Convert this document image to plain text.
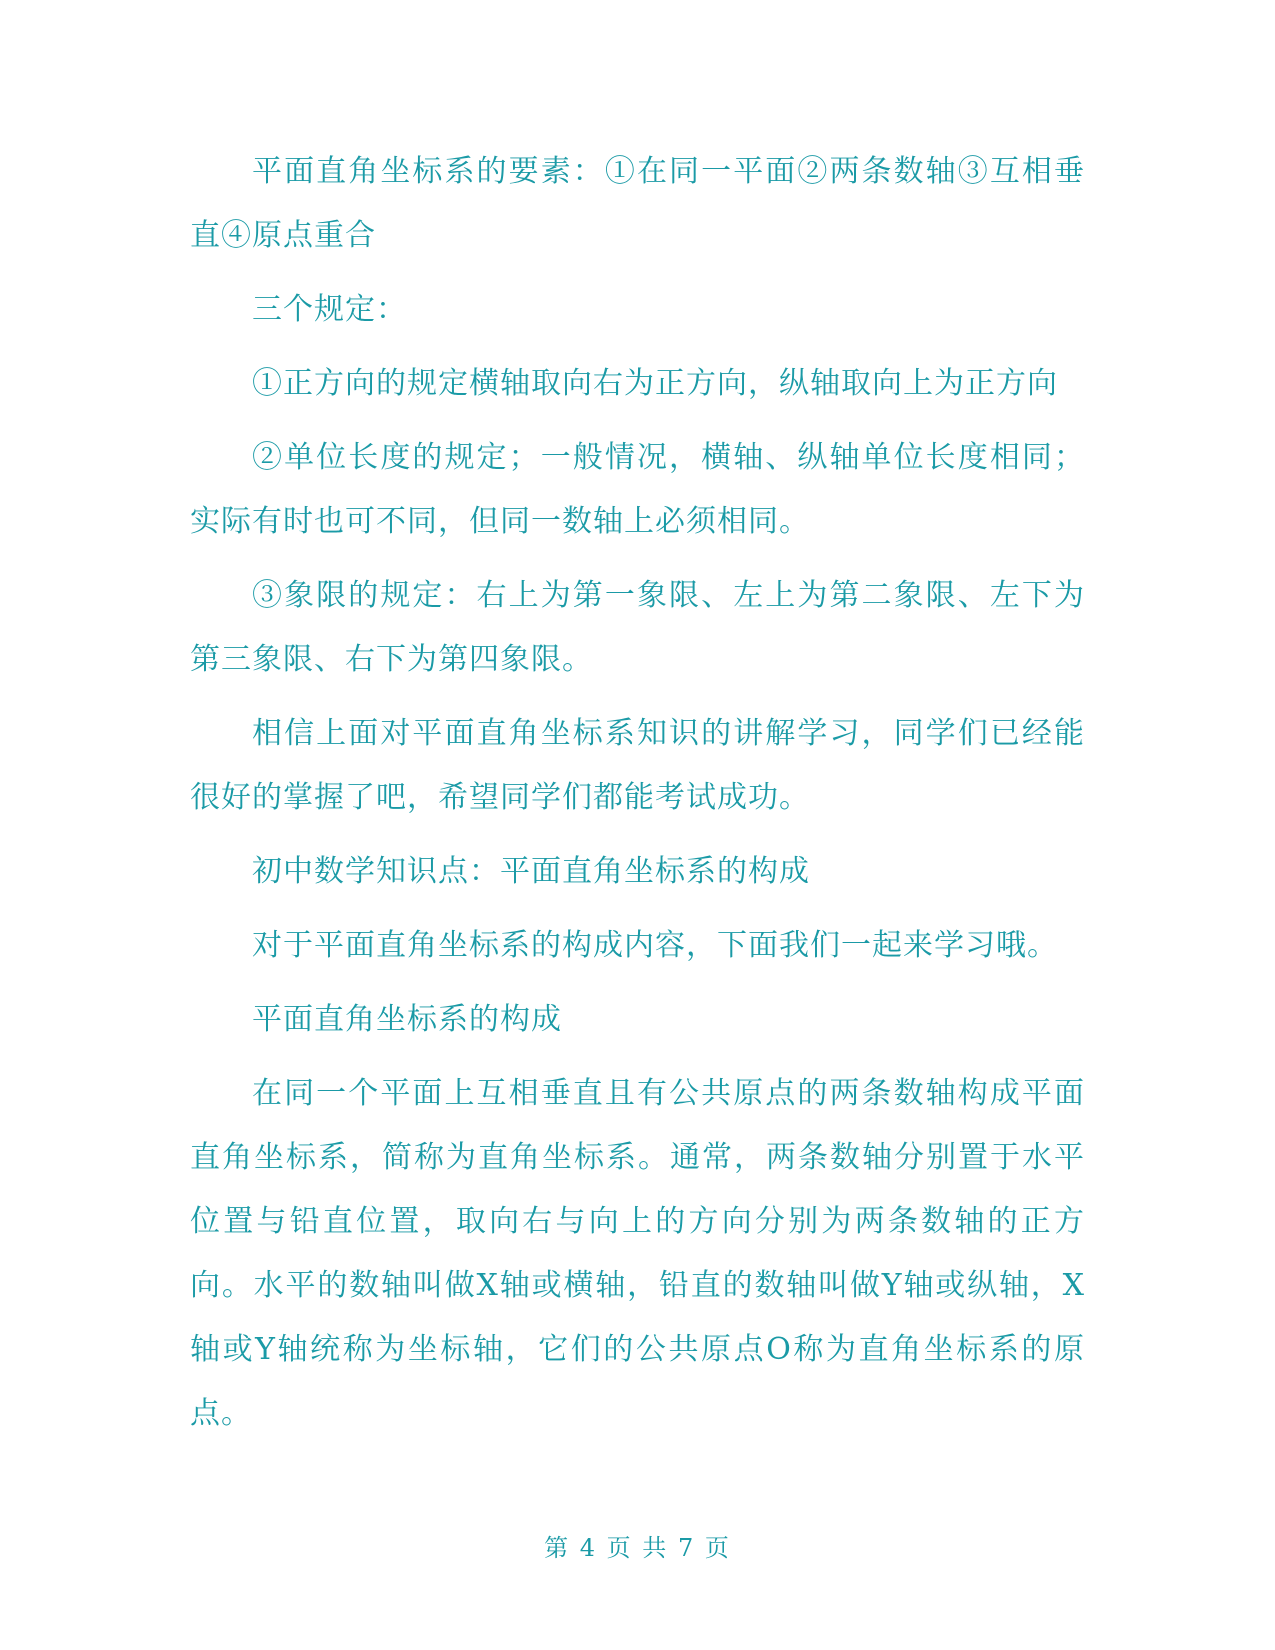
平面直角坐标系的要素：①在同一平面②两条数轴③互相垂直④原点重合

三个规定：

①正方向的规定横轴取向右为正方向，纵轴取向上为正方向

②单位长度的规定；一般情况，横轴、纵轴单位长度相同；实际有时也可不同，但同一数轴上必须相同。

③象限的规定：右上为第一象限、左上为第二象限、左下为第三象限、右下为第四象限。

相信上面对平面直角坐标系知识的讲解学习，同学们已经能很好的掌握了吧，希望同学们都能考试成功。

初中数学知识点：平面直角坐标系的构成

对于平面直角坐标系的构成内容，下面我们一起来学习哦。

平面直角坐标系的构成

在同一个平面上互相垂直且有公共原点的两条数轴构成平面直角坐标系，简称为直角坐标系。通常，两条数轴分别置于水平位置与铅直位置，取向右与向上的方向分别为两条数轴的正方向。水平的数轴叫做X轴或横轴，铅直的数轴叫做Y轴或纵轴，X轴或Y轴统称为坐标轴，它们的公共原点O称为直角坐标系的原点。

第 4 页 共 7 页
